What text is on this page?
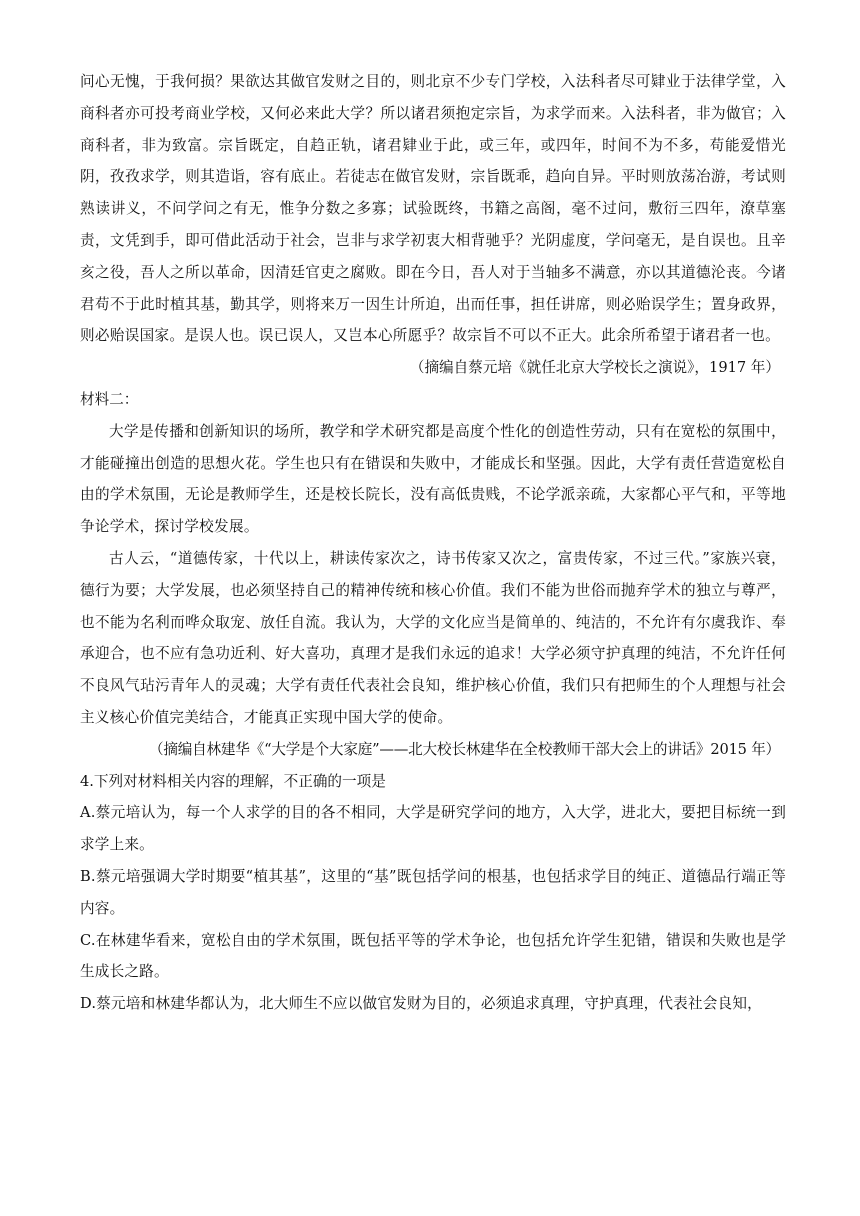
问心无愧，于我何损？果欲达其做官发财之目的，则北京不少专门学校，入法科者尽可肄业于法律学堂，入商科者亦可投考商业学校，又何必来此大学？所以诸君须抱定宗旨，为求学而来。入法科者，非为做官；入商科者，非为致富。宗旨既定，自趋正轨，诸君肄业于此，或三年，或四年，时间不为不多，苟能爱惜光阴，孜孜求学，则其造诣，容有底止。若徒志在做官发财，宗旨既乖，趋向自异。平时则放荡冶游，考试则熟读讲义，不问学问之有无，惟争分数之多寡；试验既终，书籍之高阁，毫不过问，敷衍三四年，潦草塞责，文凭到手，即可借此活动于社会，岂非与求学初衷大相背驰乎？光阴虚度，学问毫无，是自误也。且辛亥之役，吾人之所以革命，因清廷官吏之腐败。即在今日，吾人对于当轴多不满意，亦以其道德沦丧。今诸君苟不于此时植其基，勤其学，则将来万一因生计所迫，出而任事，担任讲席，则必贻误学生；置身政界，则必贻误国家。是误人也。误已误人，又岂本心所愿乎？故宗旨不可以不正大。此余所希望于诸君者一也。

（摘编自蔡元培《就任北京大学校长之演说》，1917 年）

材料二：

大学是传播和创新知识的场所，教学和学术研究都是高度个性化的创造性劳动，只有在宽松的氛围中，才能碰撞出创造的思想火花。学生也只有在错误和失败中，才能成长和坚强。因此，大学有责任营造宽松自由的学术氛围，无论是教师学生，还是校长院长，没有高低贵贱，不论学派亲疏，大家都心平气和，平等地争论学术，探讨学校发展。

古人云，“道德传家，十代以上，耕读传家次之，诗书传家又次之，富贵传家，不过三代。”家族兴衰，德行为要；大学发展，也必须坚持自己的精神传统和核心价值。我们不能为世俗而抛弃学术的独立与尊严，也不能为名利而哗众取宠、放任自流。我认为，大学的文化应当是简单的、纯洁的，不允许有尔虞我诈、奉承迎合，也不应有急功近利、好大喜功，真理才是我们永远的追求！大学必须守护真理的纯洁，不允许任何不良风气玷污青年人的灵魂；大学有责任代表社会良知，维护核心价值，我们只有把师生的个人理想与社会主义核心价值完美结合，才能真正实现中国大学的使命。

（摘编自林建华《“大学是个大家庭”——北大校长林建华在全校教师干部大会上的讲话》2015 年）

4.下列对材料相关内容的理解，不正确的一项是

A.蔡元培认为，每一个人求学的目的各不相同，大学是研究学问的地方，入大学，进北大，要把目标统一到求学上来。

B.蔡元培强调大学时期要“植其基”，这里的“基”既包括学问的根基，也包括求学目的纯正、道德品行端正等内容。

C.在林建华看来，宽松自由的学术氛围，既包括平等的学术争论，也包括允许学生犯错，错误和失败也是学生成长之路。

D.蔡元培和林建华都认为，北大师生不应以做官发财为目的，必须追求真理，守护真理，代表社会良知，
